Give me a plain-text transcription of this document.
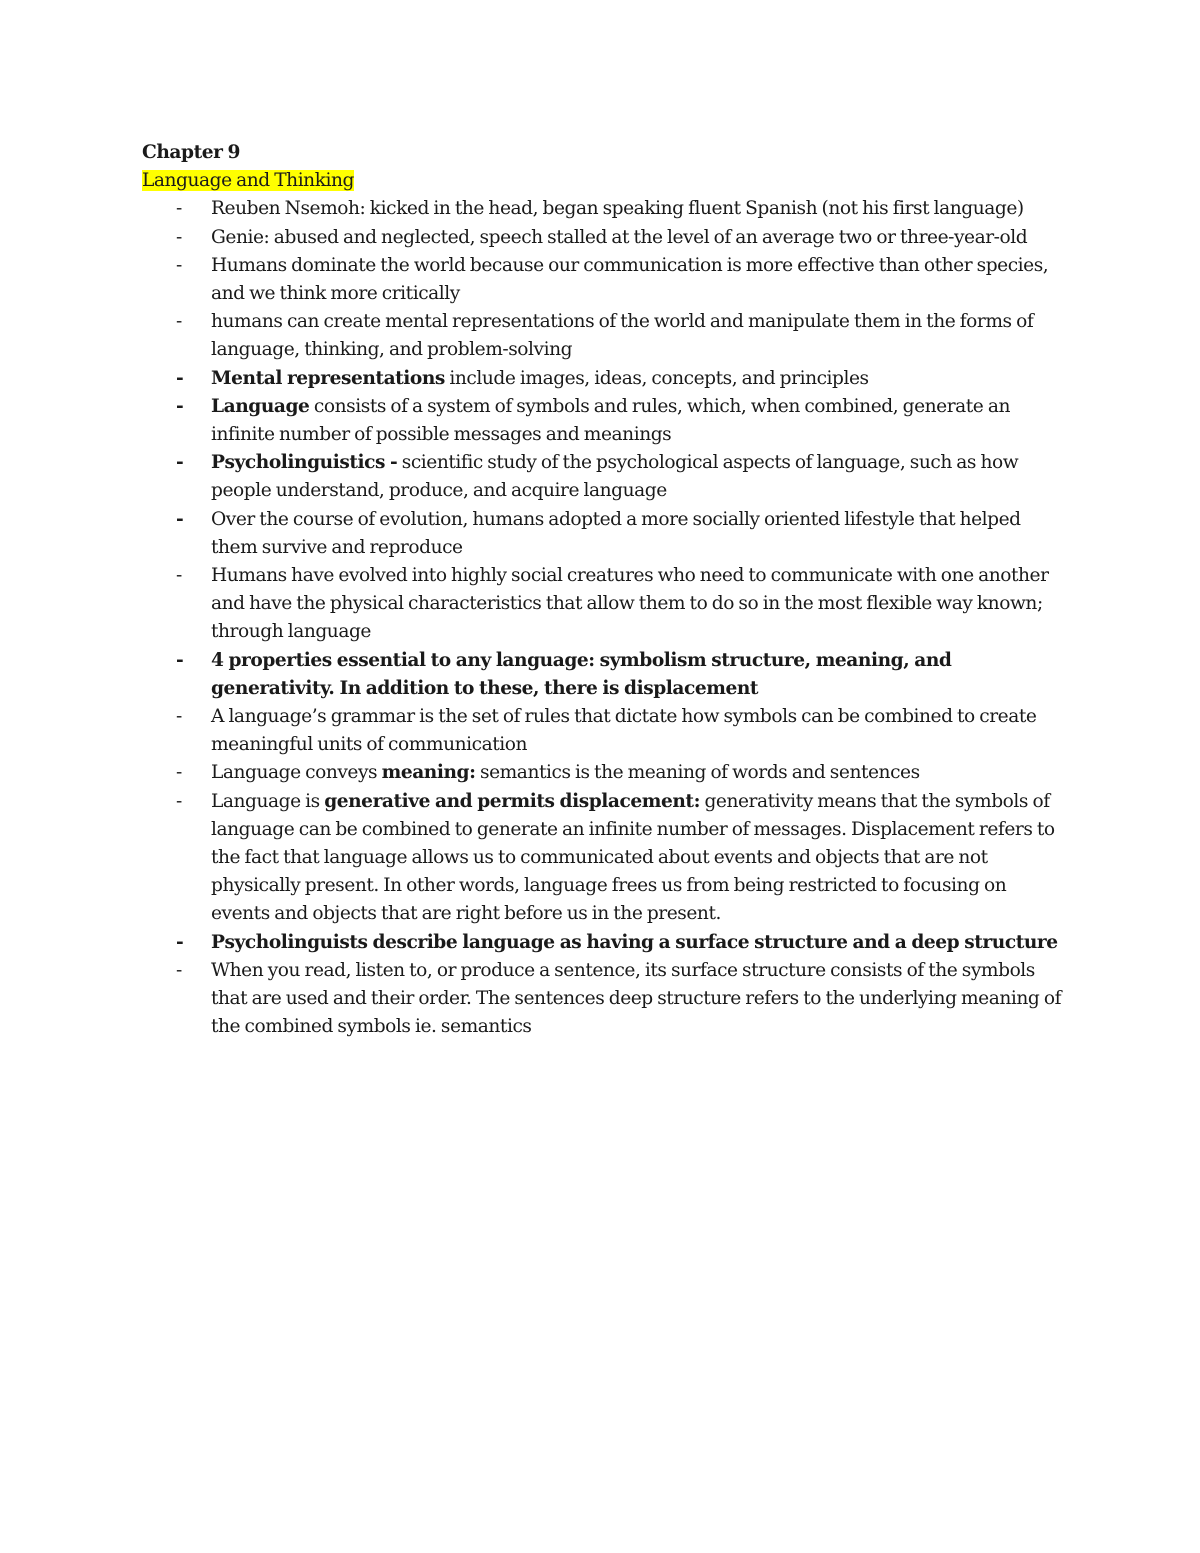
Chapter 9

Language and Thinking

- Reuben Nsemoh: kicked in the head, began speaking fluent Spanish (not his first language)
- Genie: abused and neglected, speech stalled at the level of an average two or three-year-old
- Humans dominate the world because our communication is more effective than other species, and we think more critically
- humans can create mental representations of the world and manipulate them in the forms of language, thinking, and problem-solving
- Mental representations include images, ideas, concepts, and principles
- Language consists of a system of symbols and rules, which, when combined, generate an infinite number of possible messages and meanings
- Psycholinguistics - scientific study of the psychological aspects of language, such as how people understand, produce, and acquire language
- Over the course of evolution, humans adopted a more socially oriented lifestyle that helped them survive and reproduce
- Humans have evolved into highly social creatures who need to communicate with one another and have the physical characteristics that allow them to do so in the most flexible way known; through language
- 4 properties essential to any language: symbolism structure, meaning, and generativity. In addition to these, there is displacement
- A language’s grammar is the set of rules that dictate how symbols can be combined to create meaningful units of communication
- Language conveys meaning: semantics is the meaning of words and sentences
- Language is generative and permits displacement: generativity means that the symbols of language can be combined to generate an infinite number of messages. Displacement refers to the fact that language allows us to communicated about events and objects that are not physically present. In other words, language frees us from being restricted to focusing on events and objects that are right before us in the present.
- Psycholinguists describe language as having a surface structure and a deep structure
- When you read, listen to, or produce a sentence, its surface structure consists of the symbols that are used and their order. The sentences deep structure refers to the underlying meaning of the combined symbols ie. semantics
